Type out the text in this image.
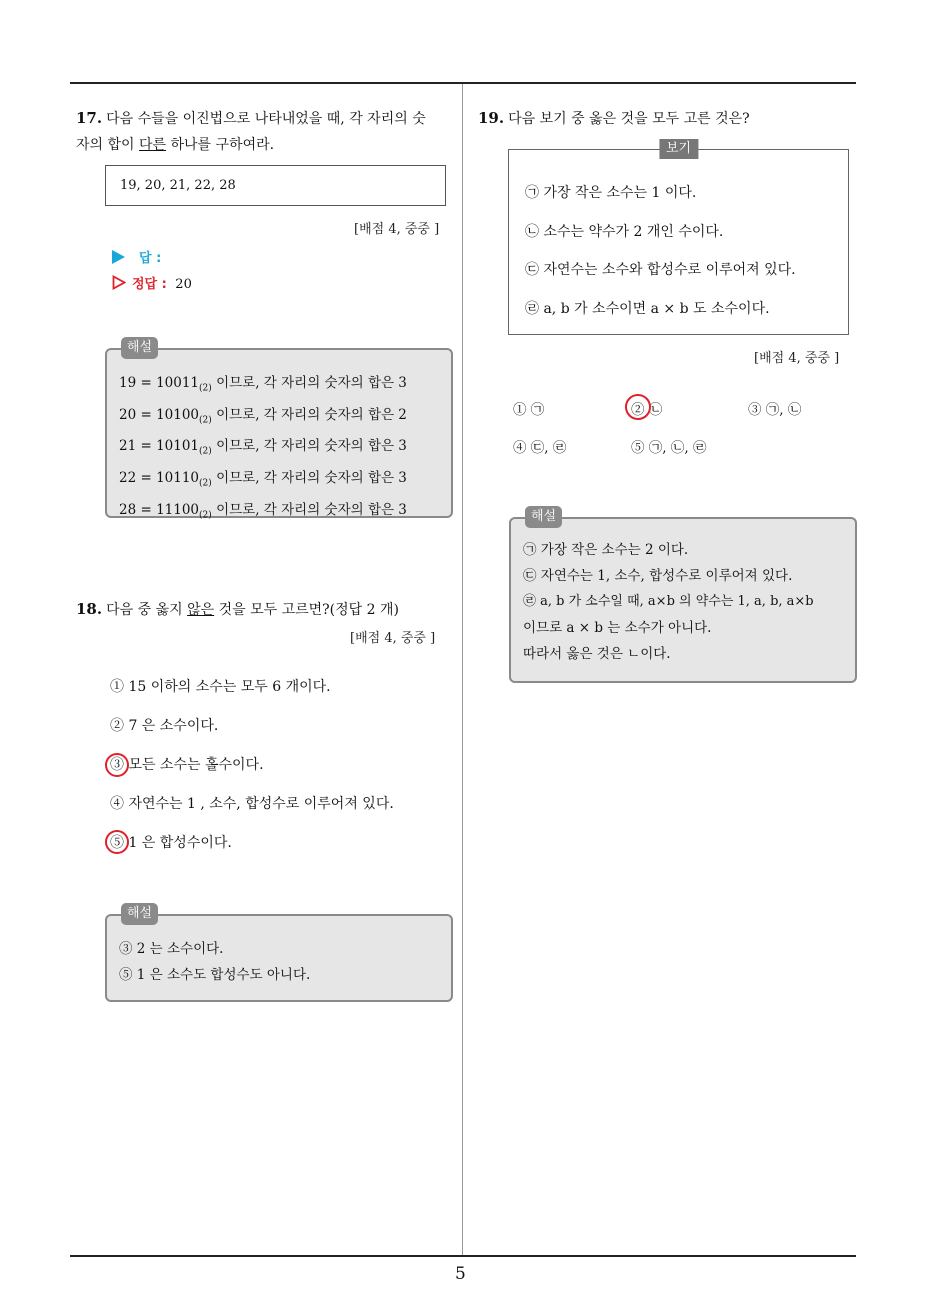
5
17. 다음 수들을 이진법으로 나타내었을 때, 각 자리의 숫
자의 합이 다른 하나를 구하여라.
19, 20, 21, 22, 28
[배점 4, 중중 ]
답 :
정답 : 20
해설
$19 = 10011_{(2)}$ 이므로, 각 자리의 숫자의 합은 3
$20 = 10100_{(2)}$ 이므로, 각 자리의 숫자의 합은 2
$21 = 10101_{(2)}$ 이므로, 각 자리의 숫자의 합은 3
$22 = 10110_{(2)}$ 이므로, 각 자리의 숫자의 합은 3
$28 = 11100_{(2)}$ 이므로, 각 자리의 숫자의 합은 3
18. 다음 중 옳지 않은 것을 모두 고르면?(정답 2 개)
[배점 4, 중중 ]
① 15 이하의 소수는 모두 6 개이다.
② 7 은 소수이다.
③ 모든 소수는 홀수이다.
④ 자연수는 1 , 소수, 합성수로 이루어져 있다.
⑤ 1 은 합성수이다.
해설
③ 2 는 소수이다.
⑤ 1 은 소수도 합성수도 아니다.
19. 다음 보기 중 옳은 것을 모두 고른 것은?
보기
㉠ 가장 작은 소수는 1 이다.
㉡ 소수는 약수가 2 개인 수이다.
㉢ 자연수는 소수와 합성수로 이루어져 있다.
㉣ a, b 가 소수이면 a × b 도 소수이다.
[배점 4, 중중 ]
① ㉠	② ㉡	③ ㉠, ㉡
④ ㉢, ㉣	⑤ ㉠, ㉡, ㉣
해설
㉠ 가장 작은 소수는 2 이다.
㉢ 자연수는 1, 소수, 합성수로 이루어져 있다.
㉣ a, b 가 소수일 때, a×b 의 약수는 1, a, b, a×b
이므로 a × b 는 소수가 아니다.
따라서 옳은 것은 ㄴ이다.
